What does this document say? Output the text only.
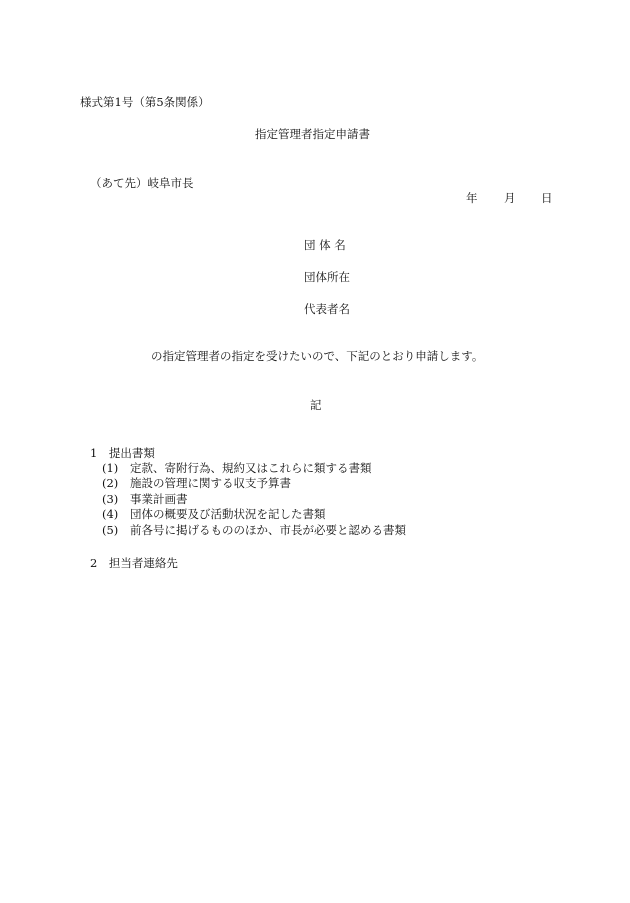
様式第1号（第5条関係）
指定管理者指定申請書
（あて先）岐阜市長
年 月 日
団 体 名
団体所在
代表者名
の指定管理者の指定を受けたいので、下記のとおり申請します。
記
1　提出書類
(1) 定款、寄附行為、規約又はこれらに類する書類
(2) 施設の管理に関する収支予算書
(3) 事業計画書
(4) 団体の概要及び活動状況を記した書類
(5) 前各号に掲げるもののほか、市長が必要と認める書類
2　担当者連絡先
